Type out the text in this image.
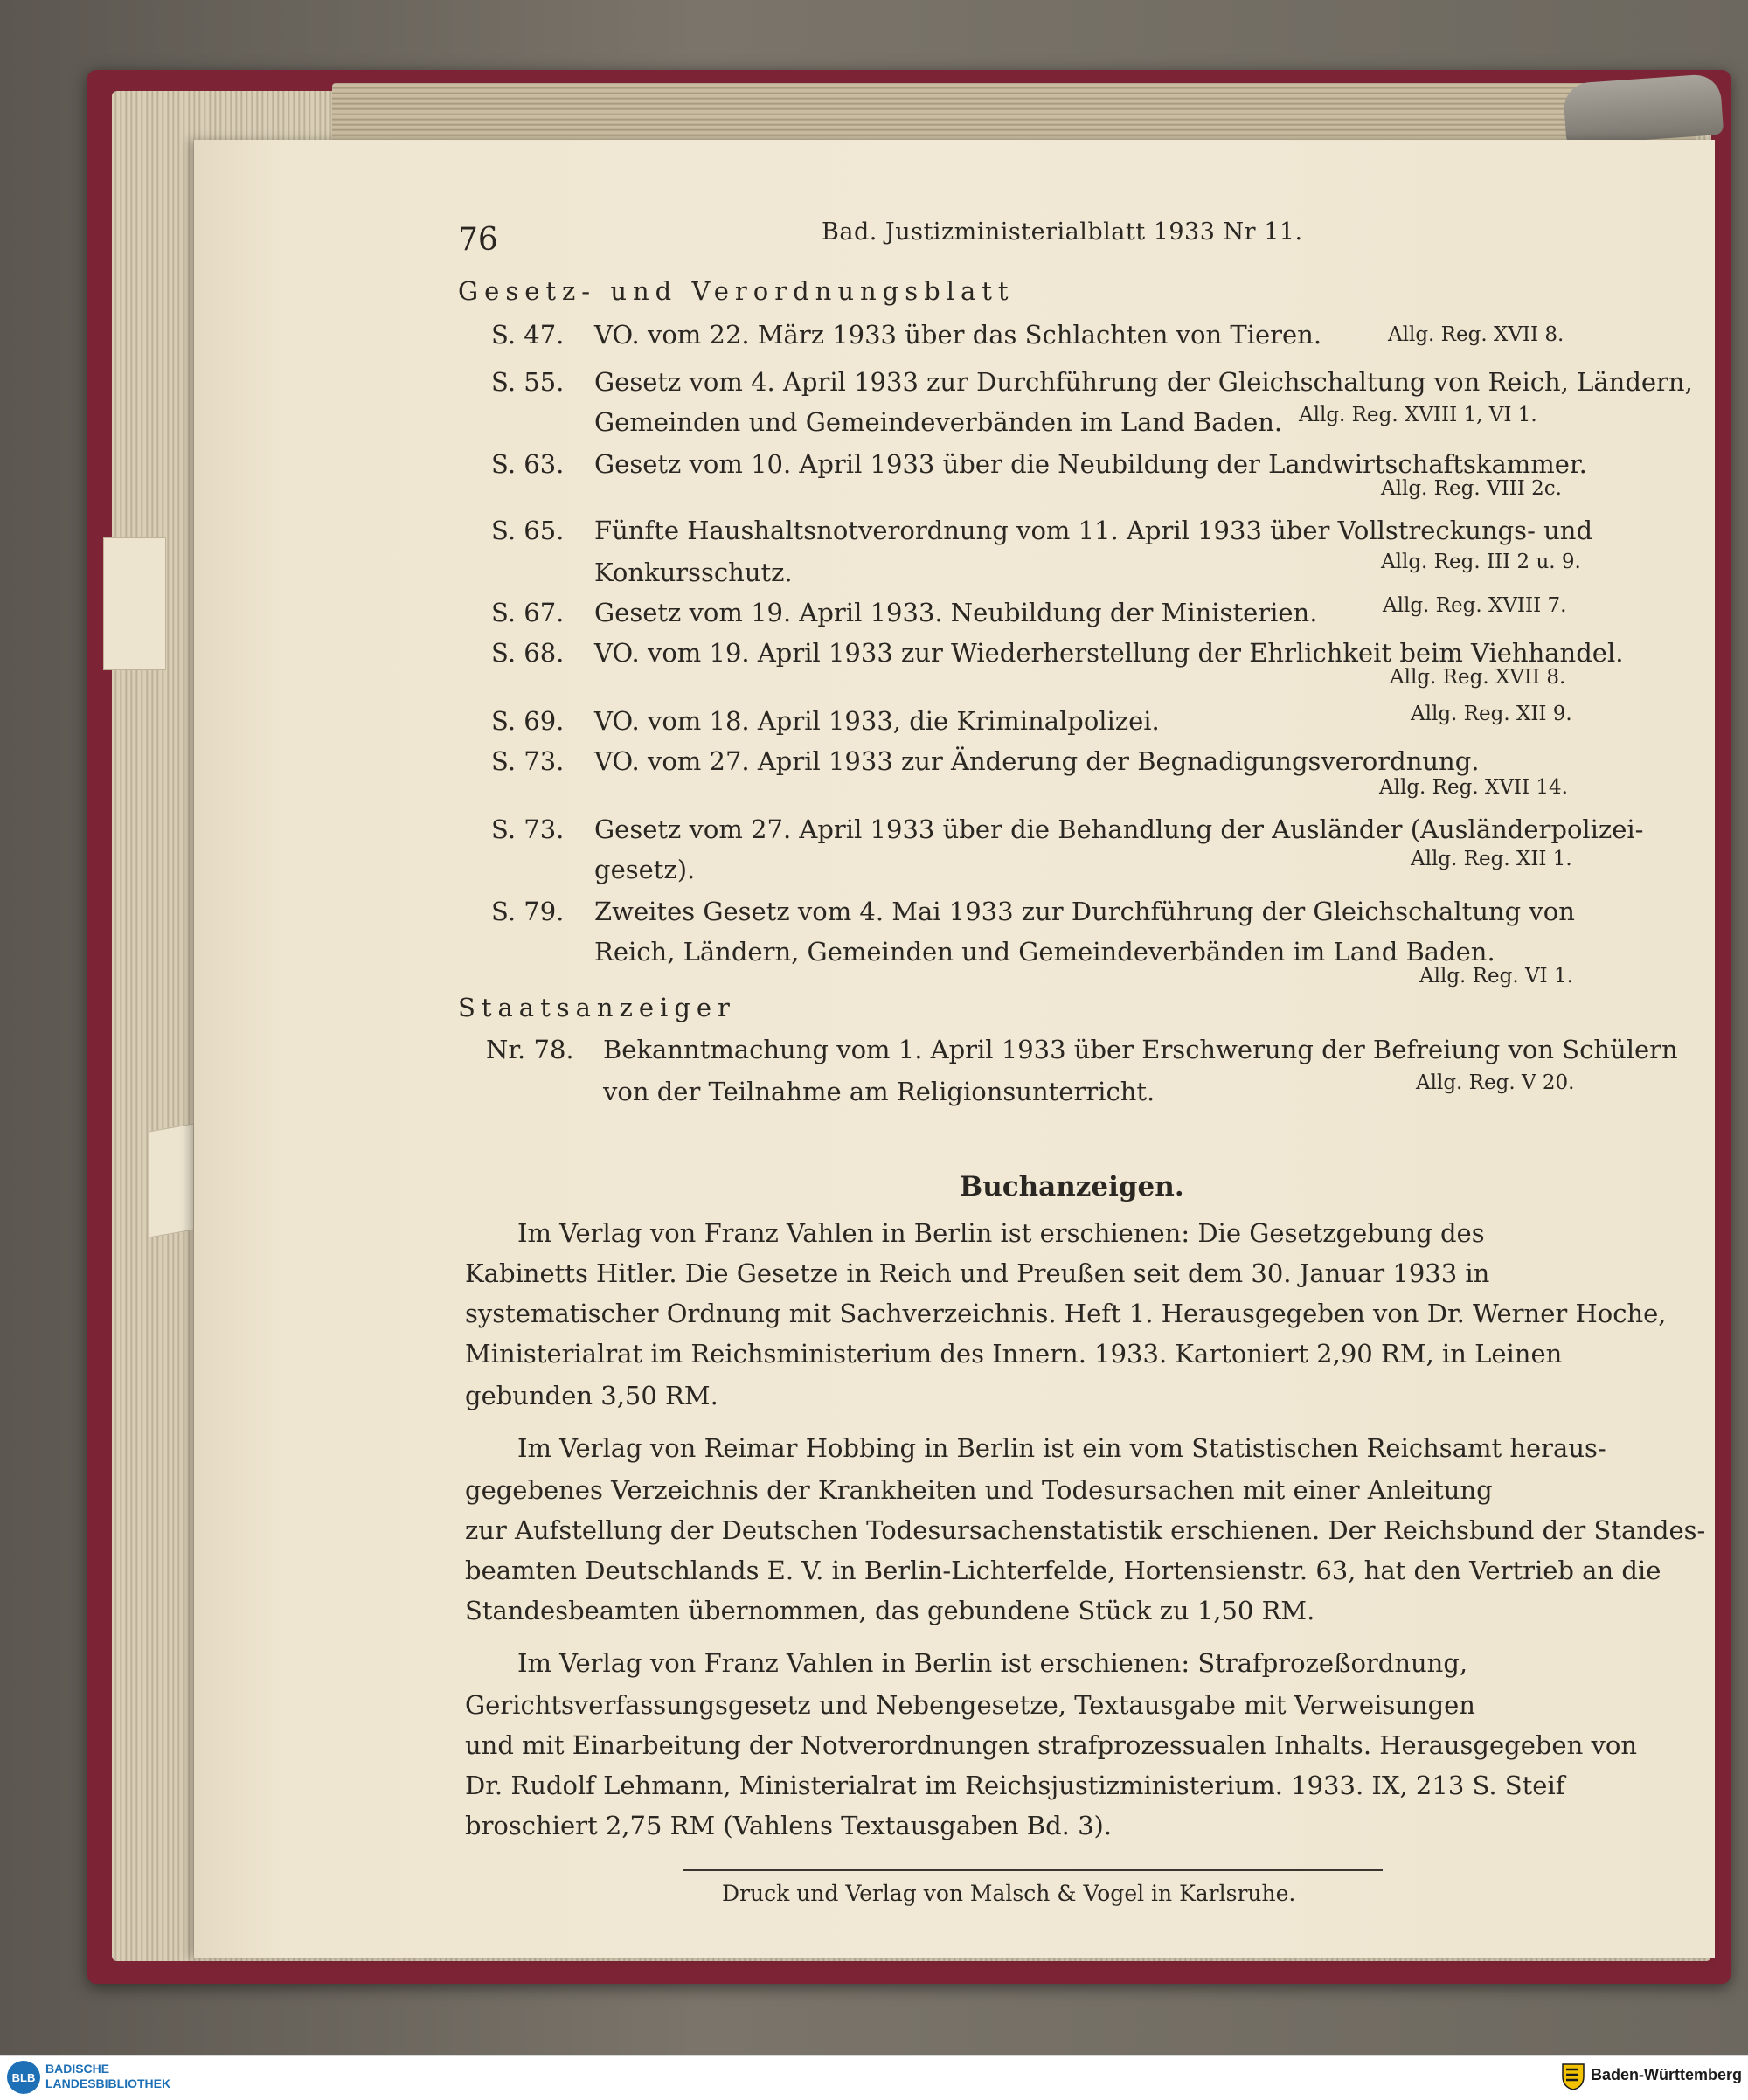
76	Bad. Justizministerialblatt 1933 Nr 11.
Gesetz- und Verordnungsblatt
S. 47. VO. vom 22. März 1933 über das Schlachten von Tieren.	Allg. Reg. XVII 8.
S. 55. Gesetz vom 4. April 1933 zur Durchführung der Gleichschaltung von Reich, Ländern,
Gemeinden und Gemeindeverbänden im Land Baden. Allg. Reg. XVIII 1, VI 1.
S. 63. Gesetz vom 10. April 1933 über die Neubildung der Landwirtschaftskammer.
Allg. Reg. VIII 2c.
S. 65. Fünfte Haushaltsnotverordnung vom 11. April 1933 über Vollstreckungs- und
Konkursschutz.	Allg. Reg. III 2 u. 9.
S. 67. Gesetz vom 19. April 1933. Neubildung der Ministerien.	Allg. Reg. XVIII 7.
S. 68. VO. vom 19. April 1933 zur Wiederherstellung der Ehrlichkeit beim Viehhandel.
Allg. Reg. XVII 8.
S. 69. VO. vom 18. April 1933, die Kriminalpolizei.	Allg. Reg. XII 9.
S. 73. VO. vom 27. April 1933 zur Änderung der Begnadigungsverordnung.
Allg. Reg. XVII 14.
S. 73. Gesetz vom 27. April 1933 über die Behandlung der Ausländer (Ausländerpolizei-
gesetz).	Allg. Reg. XII 1.
S. 79. Zweites Gesetz vom 4. Mai 1933 zur Durchführung der Gleichschaltung von
Reich, Ländern, Gemeinden und Gemeindeverbänden im Land Baden.
Allg. Reg. VI 1.
Staatsanzeiger
Nr. 78. Bekanntmachung vom 1. April 1933 über Erschwerung der Befreiung von Schülern
von der Teilnahme am Religionsunterricht.	Allg. Reg. V 20.
Buchanzeigen.
Im Verlag von Franz Vahlen in Berlin ist erschienen: Die Gesetzgebung des
Kabinetts Hitler. Die Gesetze in Reich und Preußen seit dem 30. Januar 1933 in
systematischer Ordnung mit Sachverzeichnis. Heft 1. Herausgegeben von Dr. Werner Hoche,
Ministerialrat im Reichsministerium des Innern. 1933. Kartoniert 2,90 RM, in Leinen
gebunden 3,50 RM.
Im Verlag von Reimar Hobbing in Berlin ist ein vom Statistischen Reichsamt heraus-
gegebenes Verzeichnis der Krankheiten und Todesursachen mit einer Anleitung
zur Aufstellung der Deutschen Todesursachenstatistik erschienen. Der Reichsbund der Standes-
beamten Deutschlands E. V. in Berlin-Lichterfelde, Hortensienstr. 63, hat den Vertrieb an die
Standesbeamten übernommen, das gebundene Stück zu 1,50 RM.
Im Verlag von Franz Vahlen in Berlin ist erschienen: Strafprozeßordnung,
Gerichtsverfassungsgesetz und Nebengesetze, Textausgabe mit Verweisungen
und mit Einarbeitung der Notverordnungen strafprozessualen Inhalts. Herausgegeben von
Dr. Rudolf Lehmann, Ministerialrat im Reichsjustizministerium. 1933. IX, 213 S. Steif
broschiert 2,75 RM (Vahlens Textausgaben Bd. 3).
Druck und Verlag von Malsch & Vogel in Karlsruhe.
BLB
BADISCHE
LANDESBIBLIOTHEK	Baden-Württemberg
